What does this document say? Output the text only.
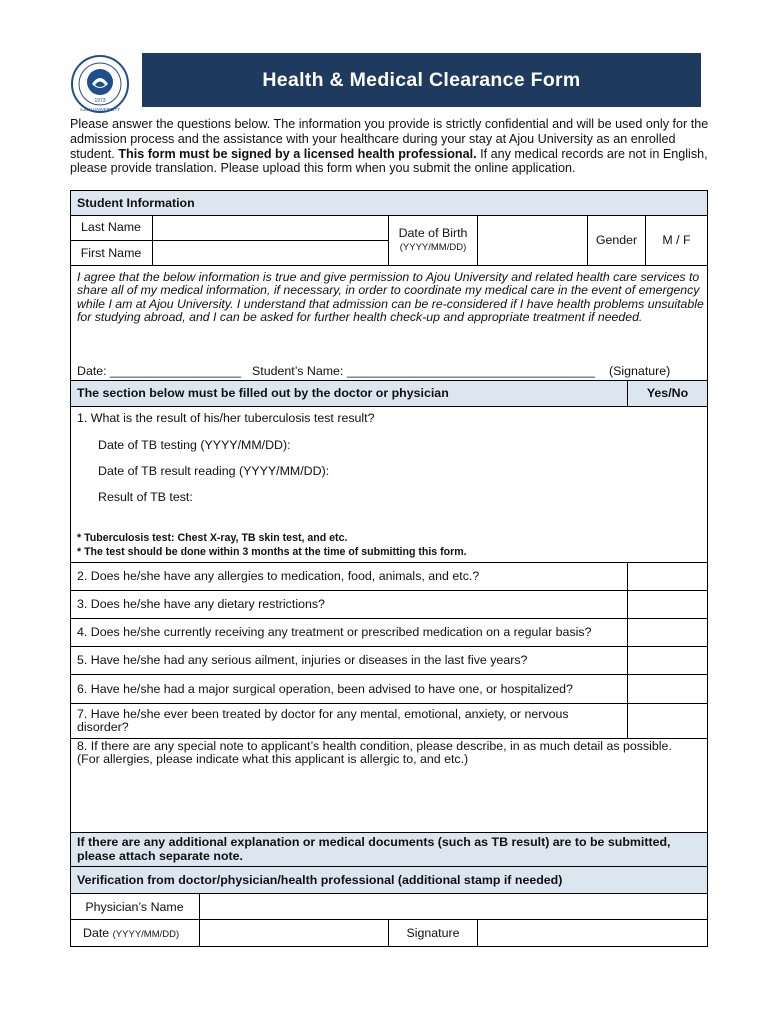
1973
AJOU UNIVERSITY
Health & Medical Clearance Form
Please answer the questions below. The information you provide is strictly confidential and will be used only for the admission process and the assistance with your healthcare during your stay at Ajou University as an enrolled student. This form must be signed by a licensed health professional. If any medical records are not in English, please provide translation. Please upload this form when you submit the online application.
Student Information
Last Name
First Name
Date of Birth
(YYYY/MM/DD)
Gender	M / F
I agree that the below information is true and give permission to Ajou University and related health care services to share all of my medical information, if necessary, in order to coordinate my medical care in the event of emergency while I am at Ajou University. I understand that admission can be re-considered if I have health problems unsuitable for studying abroad, and I can be asked for further health check-up and appropriate treatment if needed.
Date: ___________________ Student’s Name: ____________________________________ (Signature)
The section below must be filled out by the doctor or physician	Yes/No
1. What is the result of his/her tuberculosis test result?
Date of TB testing (YYYY/MM/DD):
Date of TB result reading (YYYY/MM/DD):
Result of TB test:
* Tuberculosis test: Chest X-ray, TB skin test, and etc.
* The test should be done within 3 months at the time of submitting this form.
2. Does he/she have any allergies to medication, food, animals, and etc.?
3. Does he/she have any dietary restrictions?
4. Does he/she currently receiving any treatment or prescribed medication on a regular basis?
5. Have he/she had any serious ailment, injuries or diseases in the last five years?
6. Have he/she had a major surgical operation, been advised to have one, or hospitalized?
7. Have he/she ever been treated by doctor for any mental, emotional, anxiety, or nervous
disorder?
8. If there are any special note to applicant’s health condition, please describe, in as much detail as possible.
(For allergies, please indicate what this applicant is allergic to, and etc.)
If there are any additional explanation or medical documents (such as TB result) are to be submitted,
please attach separate note.
Verification from doctor/physician/health professional (additional stamp if needed)
Physician’s Name
Date (YYYY/MM/DD)	Signature
